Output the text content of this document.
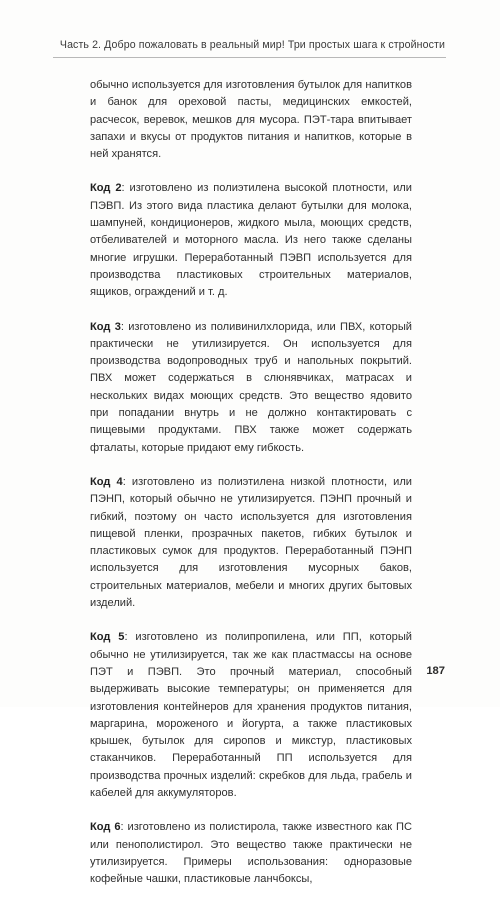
Часть 2. Добро пожаловать в реальный мир! Три простых шага к стройности

обычно используется для изготовления бутылок для напитков и банок для ореховой пасты, медицинских емкостей, расчесок, веревок, мешков для мусора. ПЭТ-тара впитывает запахи и вкусы от продуктов питания и напитков, которые в ней хранятся.

Код 2: изготовлено из полиэтилена высокой плотности, или ПЭВП. Из этого вида пластика делают бутылки для молока, шампуней, кондиционеров, жидкого мыла, моющих средств, отбеливателей и моторного масла. Из него также сделаны многие игрушки. Переработанный ПЭВП используется для производства пластиковых строительных материалов, ящиков, ограждений и т. д.

Код 3: изготовлено из поливинилхлорида, или ПВХ, который практически не утилизируется. Он используется для производства водопроводных труб и напольных покрытий. ПВХ может содержаться в слюнявчиках, матрасах и нескольких видах моющих средств. Это вещество ядовито при попадании внутрь и не должно контактировать с пищевыми продуктами. ПВХ также может содержать фталаты, которые придают ему гибкость.

Код 4: изготовлено из полиэтилена низкой плотности, или ПЭНП, который обычно не утилизируется. ПЭНП прочный и гибкий, поэтому он часто используется для изготовления пищевой пленки, прозрачных пакетов, гибких бутылок и пластиковых сумок для продуктов. Переработанный ПЭНП используется для изготовления мусорных баков, строительных материалов, мебели и многих других бытовых изделий.

Код 5: изготовлено из полипропилена, или ПП, который обычно не утилизируется, так же как пластмассы на основе ПЭТ и ПЭВП. Это прочный материал, способный выдерживать высокие температуры; он применяется для изготовления контейнеров для хранения продуктов питания, маргарина, мороженого и йогурта, а также пластиковых крышек, бутылок для сиропов и микстур, пластиковых стаканчиков. Переработанный ПП используется для производства прочных изделий: скребков для льда, грабель и кабелей для аккумуляторов.

Код 6: изготовлено из полистирола, также известного как ПС или пенополистирол. Это вещество также практически не утилизируется. Примеры использования: одноразовые кофейные чашки, пластиковые ланчбоксы,

187
